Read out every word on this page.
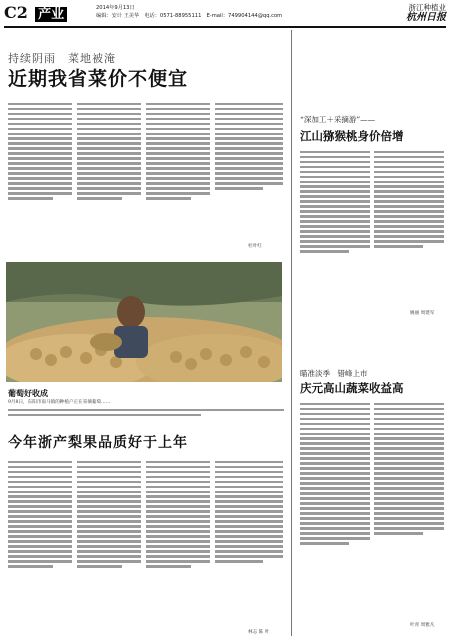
C2 产业	2014年9月13日
编辑：安计 王美华　电话：0571-88955111　E-mail：749904144@qq.com
浙江种植业
杭州日报
持续阴雨　菜地被淹
近期我省菜价不便宜
杜叶红
葡萄好收成
9月8日，东阳市南马镇的种植户正在采摘葡萄……
今年浙产梨果品质好于上年
林志 陈 叶
“深加工＋采摘游”——
江山猕猴桃身价倍增
姚丽 周建军
瞄准淡季　错峰上市
庆元高山蔬菜收益高
叶青 周雅凡
